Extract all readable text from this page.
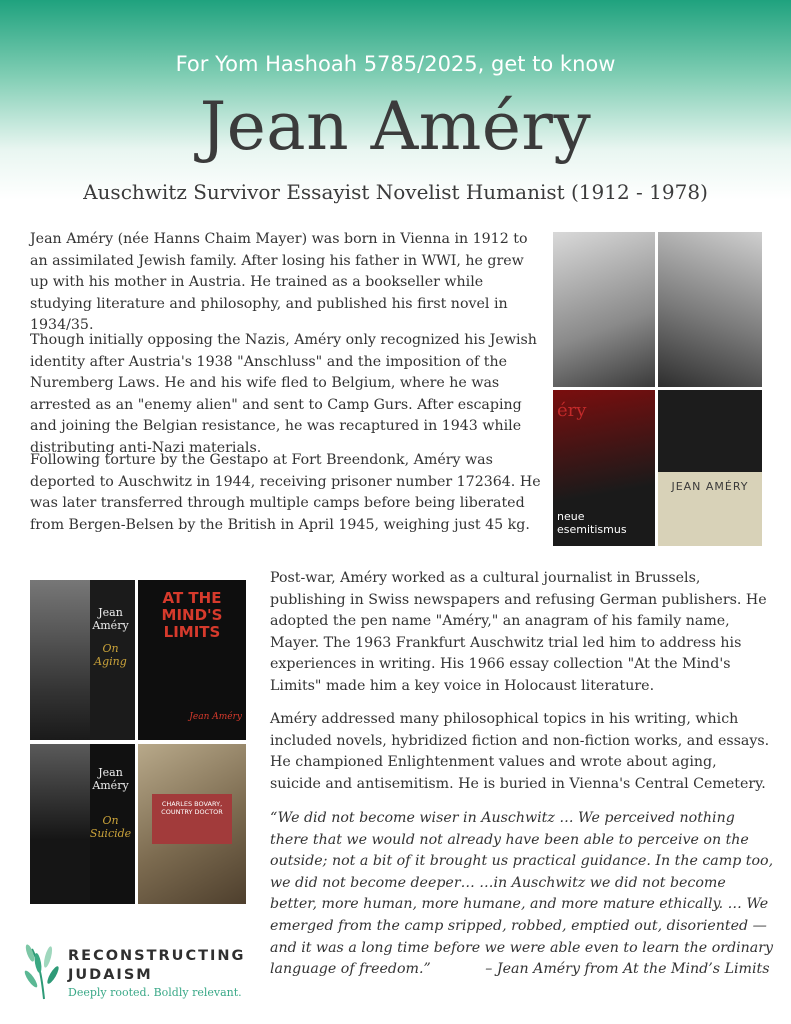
For Yom Hashoah 5785/2025, get to know
Jean Améry
Auschwitz Survivor Essayist Novelist Humanist (1912 - 1978)

Jean Améry (née Hanns Chaim Mayer) was born in Vienna in 1912 to an assimilated Jewish family. After losing his father in WWI, he grew up with his mother in Austria. He trained as a bookseller while studying literature and philosophy, and published his first novel in 1934/35.

Though initially opposing the Nazis, Améry only recognized his Jewish identity after Austria's 1938 "Anschluss" and the imposition of the Nuremberg Laws. He and his wife fled to Belgium, where he was arrested as an "enemy alien" and sent to Camp Gurs. After escaping and joining the Belgian resistance, he was recaptured in 1943 while distributing anti-Nazi materials.

Following torture by the Gestapo at Fort Breendonk, Améry was deported to Auschwitz in 1944, receiving prisoner number 172364. He was later transferred through multiple camps before being liberated from Bergen-Belsen by the British in April 1945, weighing just 45 kg.

Post-war, Améry worked as a cultural journalist in Brussels, publishing in Swiss newspapers and refusing German publishers. He adopted the pen name "Améry," an anagram of his family name, Mayer. The 1963 Frankfurt Auschwitz trial led him to address his experiences in writing. His 1966 essay collection "At the Mind's Limits" made him a key voice in Holocaust literature.

Améry addressed many philosophical topics in his writing, which included novels, hybridized fiction and non-fiction works, and essays. He championed Enlightenment values and wrote about aging, suicide and antisemitism. He is buried in Vienna's Central Cemetery.

“We did not become wiser in Auschwitz … We perceived nothing there that we would not already have been able to perceive on the outside; not a bit of it brought us practical guidance. In the camp too, we did not become deeper… …in Auschwitz we did not become better, more human, more humane, and more mature ethically. … We emerged from the camp sripped, robbed, emptied out, disoriented — and it was a long time before we were able even to learn the ordinary language of freedom.”	– Jean Améry from At the Mind’s Limits

éry
neue esemitismus
JEAN AMÉRY
Jean Améry
On Aging
AT THE MIND'S LIMITS
Jean Améry
Jean Améry
On Suicide
CHARLES BOVARY, COUNTRY DOCTOR
RECONSTRUCTING
JUDAISM
Deeply rooted. Boldly relevant.
